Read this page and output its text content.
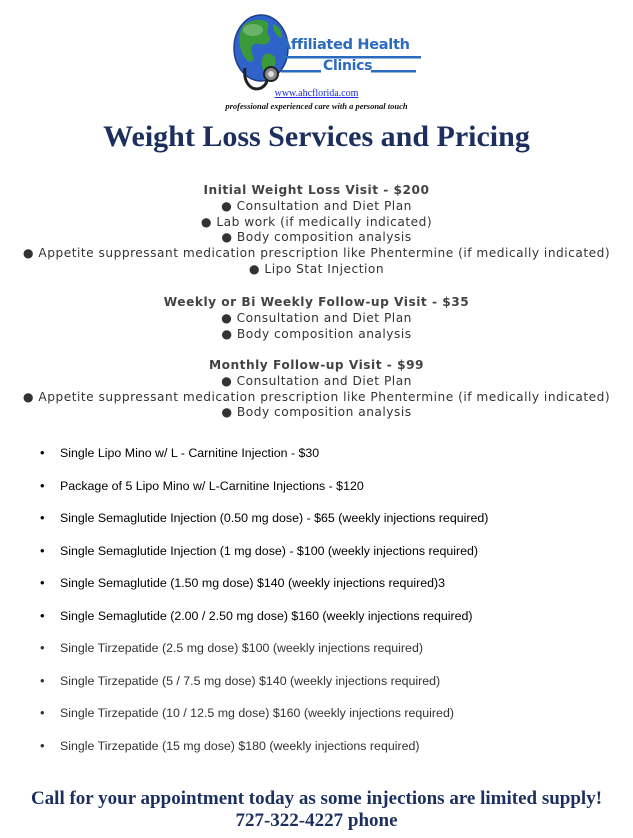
Affiliated Health
Clinics
www.ahcflorida.com
professional experienced care with a personal touch
Weight Loss Services and Pricing
Initial Weight Loss Visit - $200
● Consultation and Diet Plan
● Lab work (if medically indicated)
● Body composition analysis
● Appetite suppressant medication prescription like Phentermine (if medically indicated)
● Lipo Stat Injection
Weekly or Bi Weekly Follow-up Visit - $35
● Consultation and Diet Plan
● Body composition analysis
Monthly Follow-up Visit - $99
● Consultation and Diet Plan
● Appetite suppressant medication prescription like Phentermine (if medically indicated)
● Body composition analysis
• Single Lipo Mino w/ L - Carnitine Injection - $30
• Package of 5 Lipo Mino w/ L-Carnitine Injections - $120
• Single Semaglutide Injection (0.50 mg dose) - $65 (weekly injections required)
• Single Semaglutide Injection (1 mg dose) - $100 (weekly injections required)
• Single Semaglutide (1.50 mg dose) $140 (weekly injections required)3
• Single Semaglutide (2.00 / 2.50 mg dose) $160 (weekly injections required)
• Single Tirzepatide (2.5 mg dose) $100 (weekly injections required)
• Single Tirzepatide (5 / 7.5 mg dose) $140 (weekly injections required)
• Single Tirzepatide (10 / 12.5 mg dose) $160 (weekly injections required)
• Single Tirzepatide (15 mg dose) $180 (weekly injections required)
Call for your appointment today as some injections are limited supply!
727-322-4227 phone
